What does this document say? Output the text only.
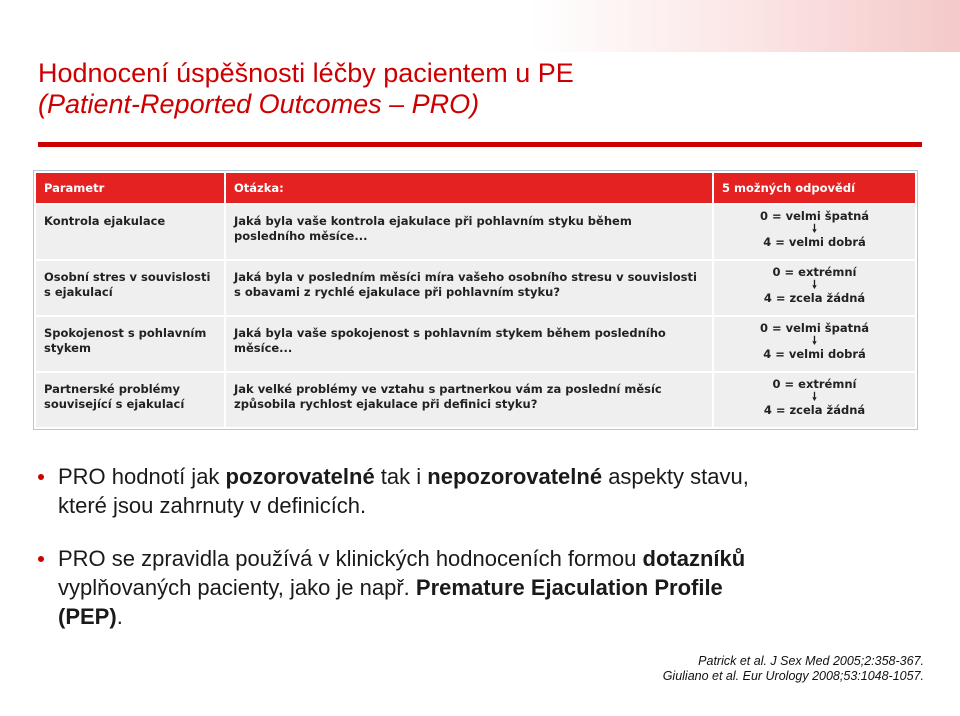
Hodnocení úspěšnosti léčby pacientem u PE
(Patient-Reported Outcomes – PRO)
Parametr	Otázka:	5 možných odpovědí
Kontrola ejakulace	Jaká byla vaše kontrola ejakulace při pohlavním styku během posledního měsíce...	0 = velmi špatná
🠗
4 = velmi dobrá

Osobní stres v souvislosti s ejakulací	Jaká byla v posledním měsíci míra vašeho osobního stresu v souvislosti s obavami z rychlé ejakulace při pohlavním styku?	0 = extrémní
🠗
4 = zcela žádná

Spokojenost s pohlavním stykem	Jaká byla vaše spokojenost s pohlavním stykem během posledního měsíce...	0 = velmi špatná
🠗
4 = velmi dobrá

Partnerské problémy související s ejakulací	Jak velké problémy ve vztahu s partnerkou vám za poslední měsíc způsobila rychlost ejakulace při definici styku?	0 = extrémní
🠗
4 = zcela žádná
PRO hodnotí jak pozorovatelné tak i nepozorovatelné aspekty stavu, které jsou zahrnuty v definicích.
PRO se zpravidla používá v klinických hodnoceních formou dotazníků vyplňovaných pacienty, jako je např. Premature Ejaculation Profile (PEP).
Patrick et al. J Sex Med 2005;2:358-367.
Giuliano et al. Eur Urology 2008;53:1048-1057.
